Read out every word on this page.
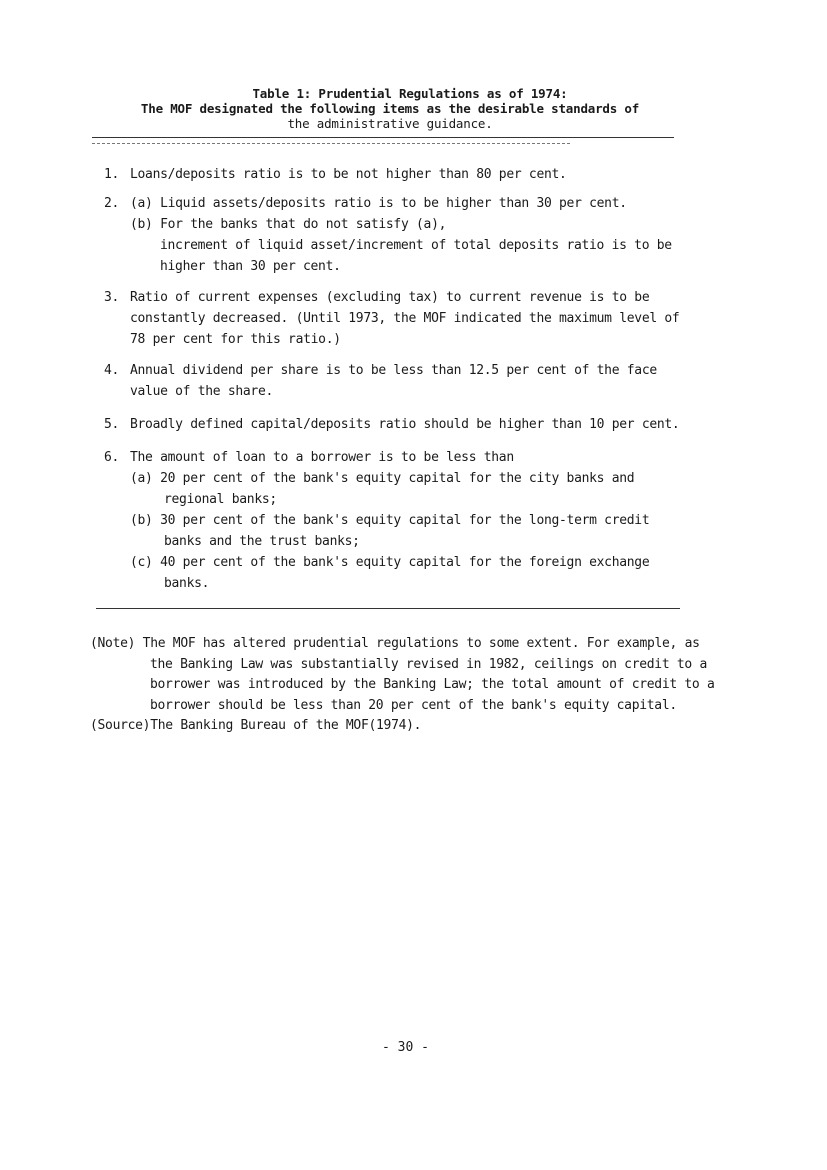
Table 1: Prudential Regulations as of 1974:
The MOF designated the following items as the desirable standards of
the administrative guidance.
1. Loans/deposits ratio is to be not higher than 80 per cent.
2. (a) Liquid assets/deposits ratio is to be higher than 30 per cent.
(b) For the banks that do not satisfy (a),
increment of liquid asset/increment of total deposits ratio is to be
higher than 30 per cent.
3. Ratio of current expenses (excluding tax) to current revenue is to be
constantly decreased. (Until 1973, the MOF indicated the maximum level of
78 per cent for this ratio.)
4. Annual dividend per share is to be less than 12.5 per cent of the face
value of the share.
5. Broadly defined capital/deposits ratio should be higher than 10 per cent.
6. The amount of loan to a borrower is to be less than
(a) 20 per cent of the bank's equity capital for the city banks and
regional banks;
(b) 30 per cent of the bank's equity capital for the long-term credit
banks and the trust banks;
(c) 40 per cent of the bank's equity capital for the foreign exchange
banks.
(Note) The MOF has altered prudential regulations to some extent. For example, as
the Banking Law was substantially revised in 1982, ceilings on credit to a
borrower was introduced by the Banking Law; the total amount of credit to a
borrower should be less than 20 per cent of the bank's equity capital.
(Source)The Banking Bureau of the MOF(1974).
- 30 -
